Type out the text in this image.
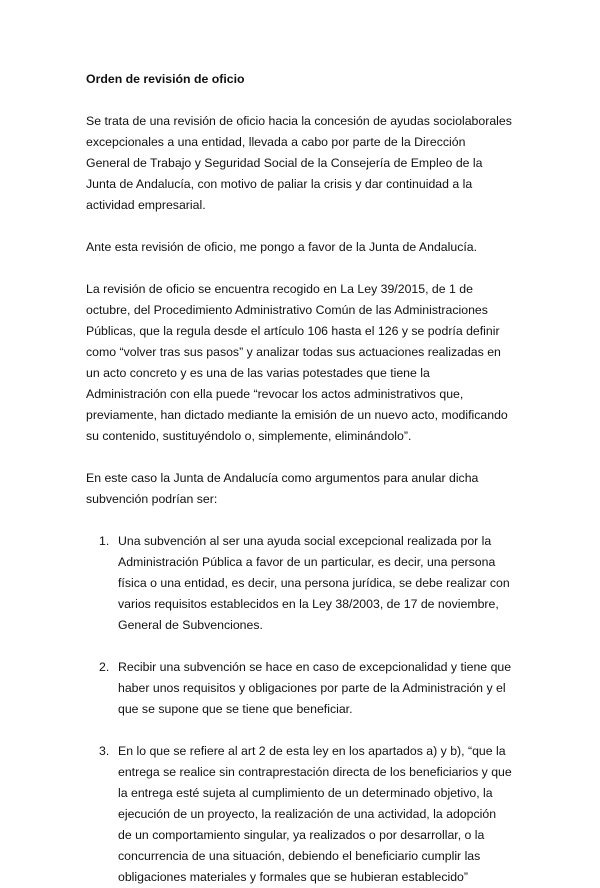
Orden de revisión de oficio

Se trata de una revisión de oficio hacia la concesión de ayudas sociolaborales excepcionales a una entidad, llevada a cabo por parte de la Dirección General de Trabajo y Seguridad Social de la Consejería de Empleo de la Junta de Andalucía, con motivo de paliar la crisis y dar continuidad a la actividad empresarial.

Ante esta revisión de oficio, me pongo a favor de la Junta de Andalucía.

La revisión de oficio se encuentra recogido en La Ley 39/2015, de 1 de octubre, del Procedimiento Administrativo Común de las Administraciones Públicas, que la regula desde el artículo 106 hasta el 126 y se podría definir como “volver tras sus pasos” y analizar todas sus actuaciones realizadas en un acto concreto y es una de las varias potestades que tiene la Administración con ella puede “revocar los actos administrativos que, previamente, han dictado mediante la emisión de un nuevo acto, modificando su contenido, sustituyéndolo o, simplemente, eliminándolo”.

En este caso la Junta de Andalucía como argumentos para anular dicha subvención podrían ser:

1. Una subvención al ser una ayuda social excepcional realizada por la Administración Pública a favor de un particular, es decir, una persona física o una entidad, es decir, una persona jurídica, se debe realizar con varios requisitos establecidos en la Ley 38/2003, de 17 de noviembre, General de Subvenciones.
2. Recibir una subvención se hace en caso de excepcionalidad y tiene que haber unos requisitos y obligaciones por parte de la Administración y el que se supone que se tiene que beneficiar.
3. En lo que se refiere al art 2 de esta ley en los apartados a) y b), “que la entrega se realice sin contraprestación directa de los beneficiarios y que la entrega esté sujeta al cumplimiento de un determinado objetivo, la ejecución de un proyecto, la realización de una actividad, la adopción de un comportamiento singular, ya realizados o por desarrollar, o la concurrencia de una situación, debiendo el beneficiario cumplir las obligaciones materiales y formales que se hubieran establecido”
